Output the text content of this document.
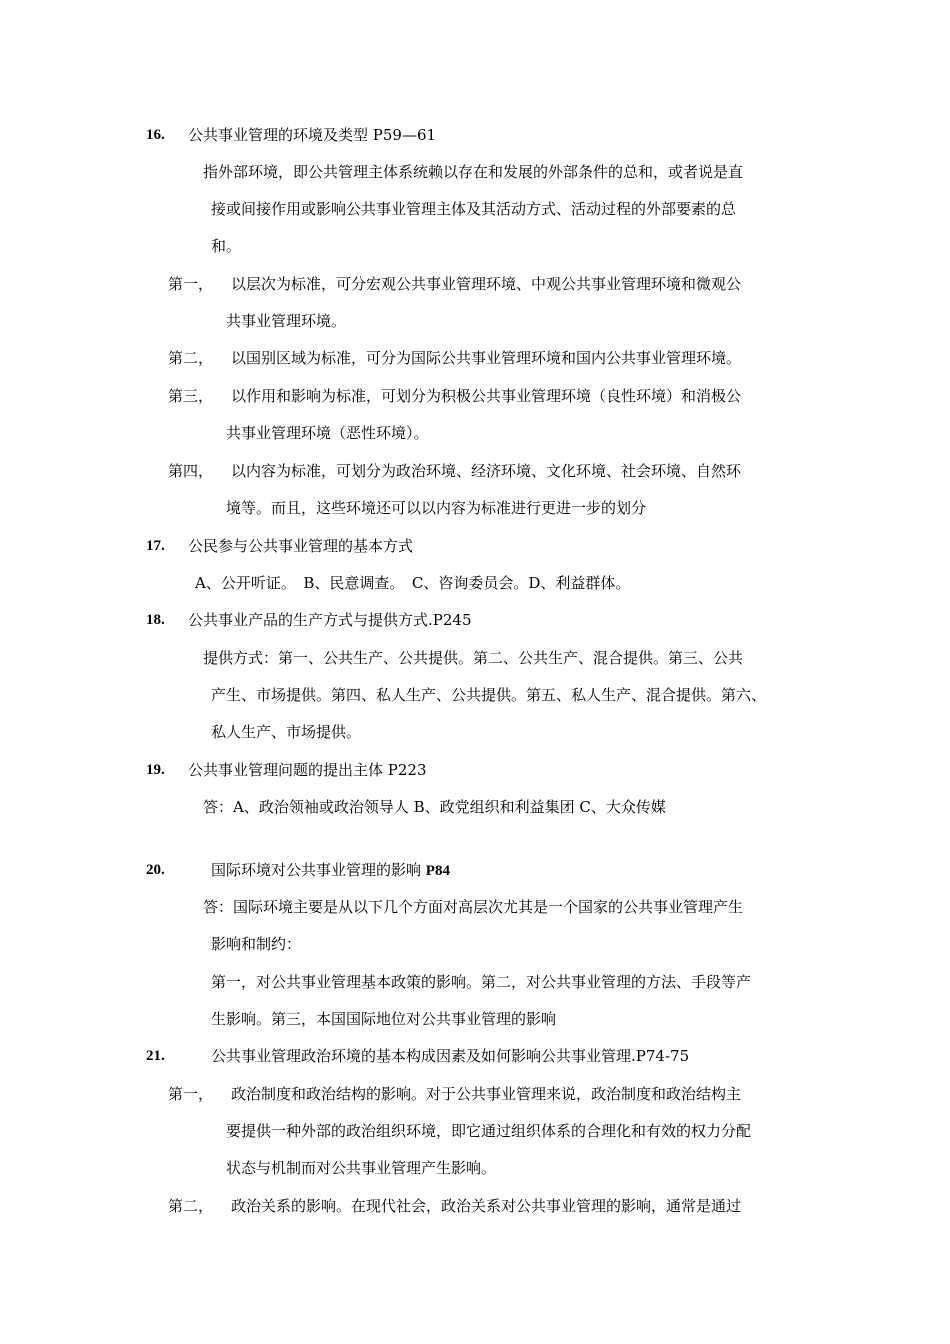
16. 公共事业管理的环境及类型 P59—61
指外部环境，即公共管理主体系统赖以存在和发展的外部条件的总和，或者说是直
接或间接作用或影响公共事业管理主体及其活动方式、活动过程的外部要素的总
和。
第一， 以层次为标准，可分宏观公共事业管理环境、中观公共事业管理环境和微观公
共事业管理环境。
第二， 以国别区域为标准，可分为国际公共事业管理环境和国内公共事业管理环境。
第三， 以作用和影响为标准，可划分为积极公共事业管理环境（良性环境）和消极公
共事业管理环境（恶性环境）。
第四， 以内容为标准，可划分为政治环境、经济环境、文化环境、社会环境、自然环
境等。而且，这些环境还可以以内容为标准进行更进一步的划分
17. 公民参与公共事业管理的基本方式
A、公开听证。　B、民意调查。　C、咨询委员会。D、利益群体。
18. 公共事业产品的生产方式与提供方式.P245
提供方式：第一、公共生产、公共提供。第二、公共生产、混合提供。第三、公共
产生、市场提供。第四、私人生产、公共提供。第五、私人生产、混合提供。第六、
私人生产、市场提供。
19. 公共事业管理问题的提出主体 P223
答：A、政治领袖或政治领导人 B、政党组织和利益集团 C、大众传媒
20.	国际环境对公共事业管理的影响 P84
答：国际环境主要是从以下几个方面对高层次尤其是一个国家的公共事业管理产生
影响和制约：
第一，对公共事业管理基本政策的影响。第二，对公共事业管理的方法、手段等产
生影响。第三，本国国际地位对公共事业管理的影响
21.	公共事业管理政治环境的基本构成因素及如何影响公共事业管理.P74-75
第一， 政治制度和政治结构的影响。对于公共事业管理来说，政治制度和政治结构主
要提供一种外部的政治组织环境，即它通过组织体系的合理化和有效的权力分配
状态与机制而对公共事业管理产生影响。
第二， 政治关系的影响。在现代社会，政治关系对公共事业管理的影响，通常是通过
